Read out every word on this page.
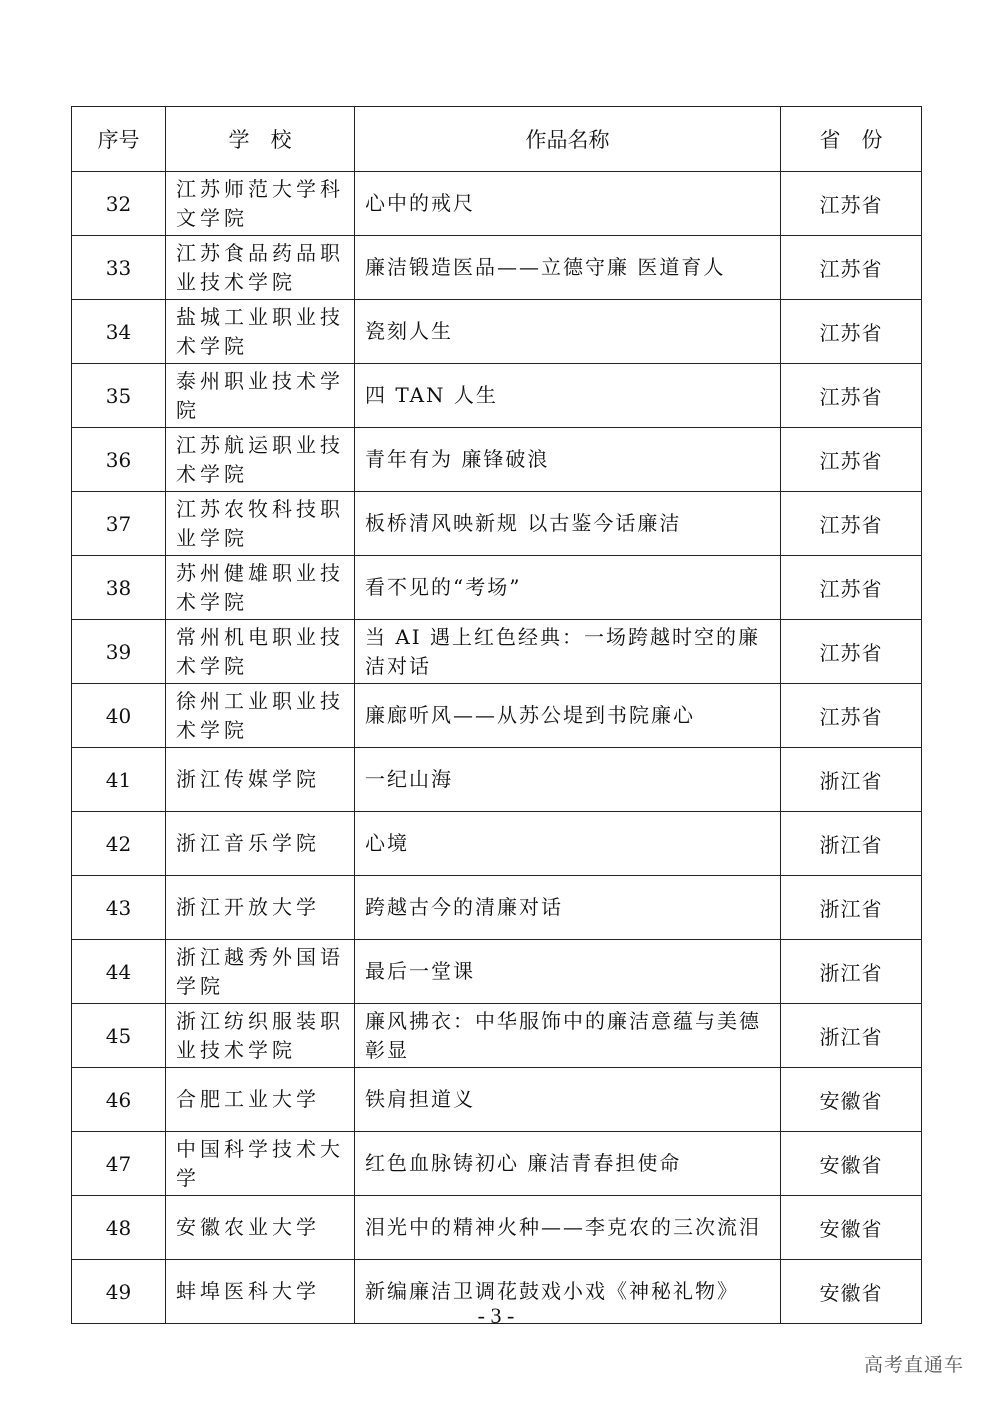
序号	学　校	作品名称	省　份
32	江苏师范大学科文学院	心中的戒尺	江苏省
33	江苏食品药品职业技术学院	廉洁锻造医品——立德守廉 医道育人	江苏省
34	盐城工业职业技术学院	瓷刻人生	江苏省
35	泰州职业技术学院	四 TAN 人生	江苏省
36	江苏航运职业技术学院	青年有为 廉锋破浪	江苏省
37	江苏农牧科技职业学院	板桥清风映新规 以古鉴今话廉洁	江苏省
38	苏州健雄职业技术学院	看不见的“考场”	江苏省
39	常州机电职业技术学院	当 AI 遇上红色经典：一场跨越时空的廉洁对话	江苏省
40	徐州工业职业技术学院	廉廊听风——从苏公堤到书院廉心	江苏省
41	浙江传媒学院	一纪山海	浙江省
42	浙江音乐学院	心境	浙江省
43	浙江开放大学	跨越古今的清廉对话	浙江省
44	浙江越秀外国语学院	最后一堂课	浙江省
45	浙江纺织服装职业技术学院	廉风拂衣：中华服饰中的廉洁意蕴与美德彰显	浙江省
46	合肥工业大学	铁肩担道义	安徽省
47	中国科学技术大学	红色血脉铸初心 廉洁青春担使命	安徽省
48	安徽农业大学	泪光中的精神火种——李克农的三次流泪	安徽省
49	蚌埠医科大学	新编廉洁卫调花鼓戏小戏《神秘礼物》	安徽省
- 3 -
高考直通车
